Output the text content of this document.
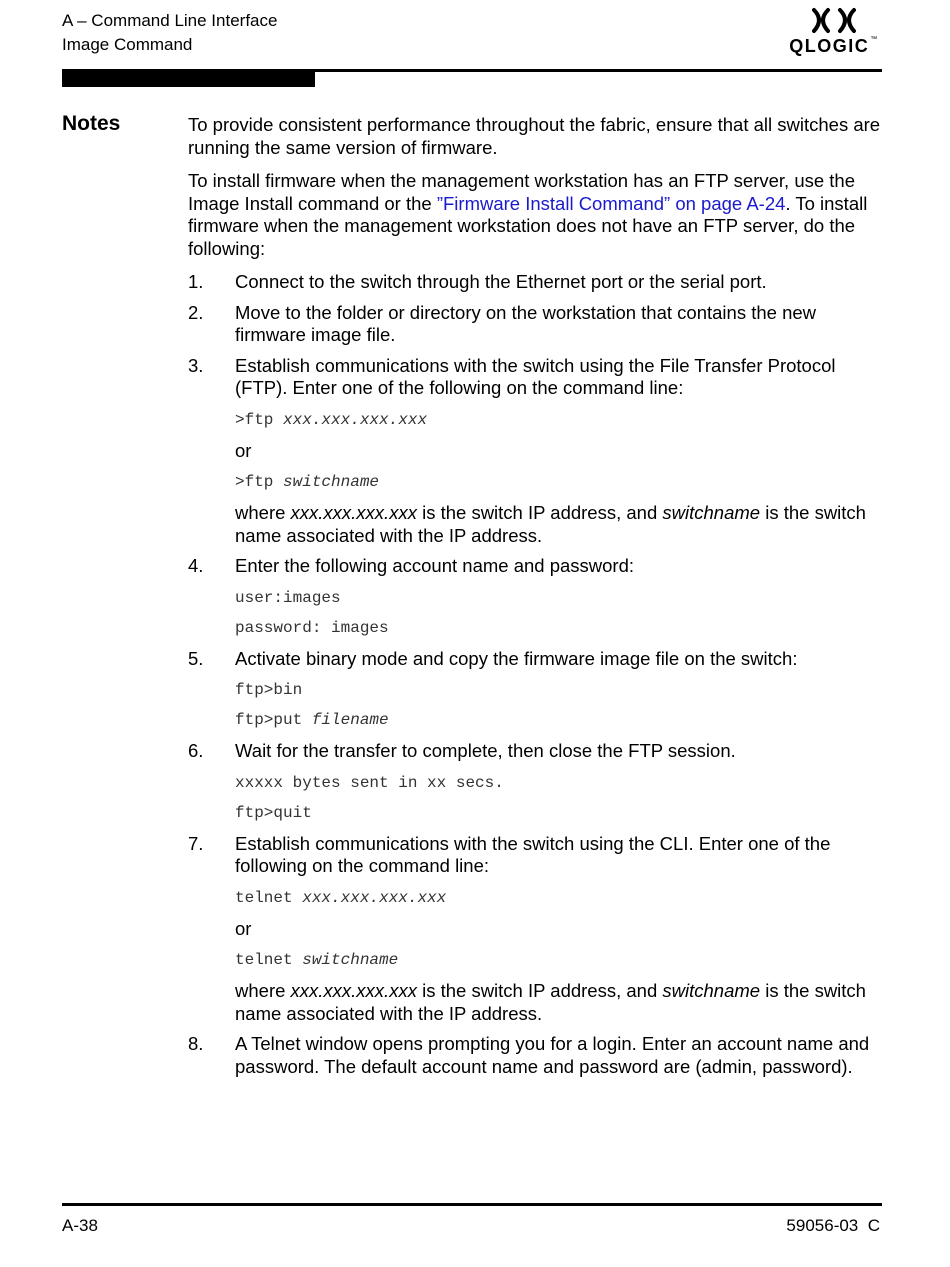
A – Command Line Interface
Image Command	QLOGIC™
Notes	To provide consistent performance throughout the fabric, ensure that all switches are running the same version of firmware.

To install firmware when the management workstation has an FTP server, use the Image Install command or the ”Firmware Install Command” on page A-24. To install firmware when the management workstation does not have an FTP server, do the following:

1. Connect to the switch through the Ethernet port or the serial port.
2. Move to the folder or directory on the workstation that contains the new firmware image file.
3. Establish communications with the switch using the File Transfer Protocol (FTP). Enter one of the following on the command line:
>ftp xxx.xxx.xxx.xxx
or
>ftp switchname
where xxx.xxx.xxx.xxx is the switch IP address, and switchname is the switch name associated with the IP address.
4. Enter the following account name and password:
user:images
password: images
5. Activate binary mode and copy the firmware image file on the switch:
ftp>bin
ftp>put filename
6. Wait for the transfer to complete, then close the FTP session.
xxxxx bytes sent in xx secs.
ftp>quit
7. Establish communications with the switch using the CLI. Enter one of the following on the command line:
telnet xxx.xxx.xxx.xxx
or
telnet switchname
where xxx.xxx.xxx.xxx is the switch IP address, and switchname is the switch name associated with the IP address.
8. A Telnet window opens prompting you for a login. Enter an account name and password. The default account name and password are (admin, password).
A-38	59056-03  C
